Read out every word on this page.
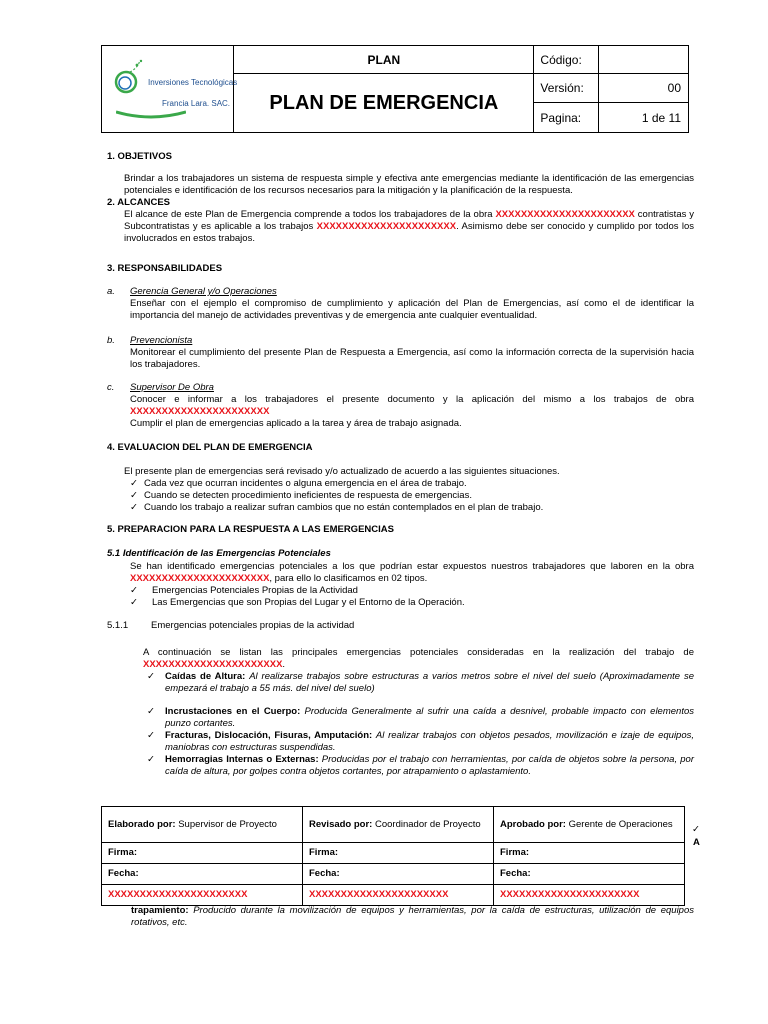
Inversiones Tecnológicas
Francia Lara. SAC.	PLAN	Código:	
	PLAN DE EMERGENCIA	Versión:	00
		Pagina:	1 de 11
1. OBJETIVOS
Brindar a los trabajadores un sistema de respuesta simple y efectiva ante emergencias mediante la identificación de las emergencias potenciales e identificación de los recursos necesarios para la mitigación y la planificación de la respuesta.
2. ALCANCES
El alcance de este Plan de Emergencia comprende a todos los trabajadores de la obra XXXXXXXXXXXXXXXXXXXXXX contratistas y Subcontratistas y es aplicable a los trabajos XXXXXXXXXXXXXXXXXXXXXX. Asimismo debe ser conocido y cumplido por todos los involucrados en estos trabajos.
3. RESPONSABILIDADES
a. Gerencia General y/o Operaciones
Enseñar con el ejemplo el compromiso de cumplimiento y aplicación del Plan de Emergencias, así como el de identificar la importancia del manejo de actividades preventivas y de emergencia ante cualquier eventualidad.
b. Prevencionista
Monitorear el cumplimiento del presente Plan de Respuesta a Emergencia, así como la información correcta de la supervisión hacia los trabajadores.
c. Supervisor De Obra
Conocer e informar a los trabajadores el presente documento y la aplicación del mismo a los trabajos de obra
XXXXXXXXXXXXXXXXXXXXXX
Cumplir el plan de emergencias aplicado a la tarea y área de trabajo asignada.
4. EVALUACION DEL PLAN DE EMERGENCIA
El presente plan de emergencias será revisado y/o actualizado de acuerdo a las siguientes situaciones.
✓ Cada vez que ocurran incidentes o alguna emergencia en el área de trabajo.
✓ Cuando se detecten procedimiento ineficientes de respuesta de emergencias.
✓ Cuando los trabajo a realizar sufran cambios que no están contemplados en el plan de trabajo.
5. PREPARACION PARA LA RESPUESTA A LAS EMERGENCIAS
5.1 Identificación de las Emergencias Potenciales
Se han identificado emergencias potenciales a los que podrían estar expuestos nuestros trabajadores que laboren en la obra XXXXXXXXXXXXXXXXXXXXXX, para ello lo clasificamos en 02 tipos.
✓ Emergencias Potenciales Propias de la Actividad
✓ Las Emergencias que son Propias del Lugar y el Entorno de la Operación.
5.1.1 Emergencias potenciales propias de la actividad
A continuación se listan las principales emergencias potenciales consideradas en la realización del trabajo de
XXXXXXXXXXXXXXXXXXXXXX.
✓ Caídas de Altura: Al realizarse trabajos sobre estructuras a varios metros sobre el nivel del suelo (Aproximadamente se empezará el trabajo a 55 más. del nivel del suelo)
✓ Incrustaciones en el Cuerpo: Producida Generalmente al sufrir una caída a desnivel, probable impacto con elementos punzo cortantes.
✓ Fracturas, Dislocación, Fisuras, Amputación: Al realizar trabajos con objetos pesados, movilización e izaje de equipos, maniobras con estructuras suspendidas.
✓ Hemorragias Internas o Externas: Producidas por el trabajo con herramientas, por caída de objetos sobre la persona, por caída de altura, por golpes contra objetos cortantes, por atrapamiento o aplastamiento.
Elaborado por: Supervisor de Proyecto	Revisado por: Coordinador de Proyecto	Aprobado por: Gerente de Operaciones
Firma:	Firma:	Firma:
Fecha:	Fecha:	Fecha:
XXXXXXXXXXXXXXXXXXXXXX	XXXXXXXXXXXXXXXXXXXXXX	XXXXXXXXXXXXXXXXXXXXXX
✓
A
trapamiento: Producido durante la movilización de equipos y herramientas, por la caída de estructuras, utilización de equipos rotativos, etc.
